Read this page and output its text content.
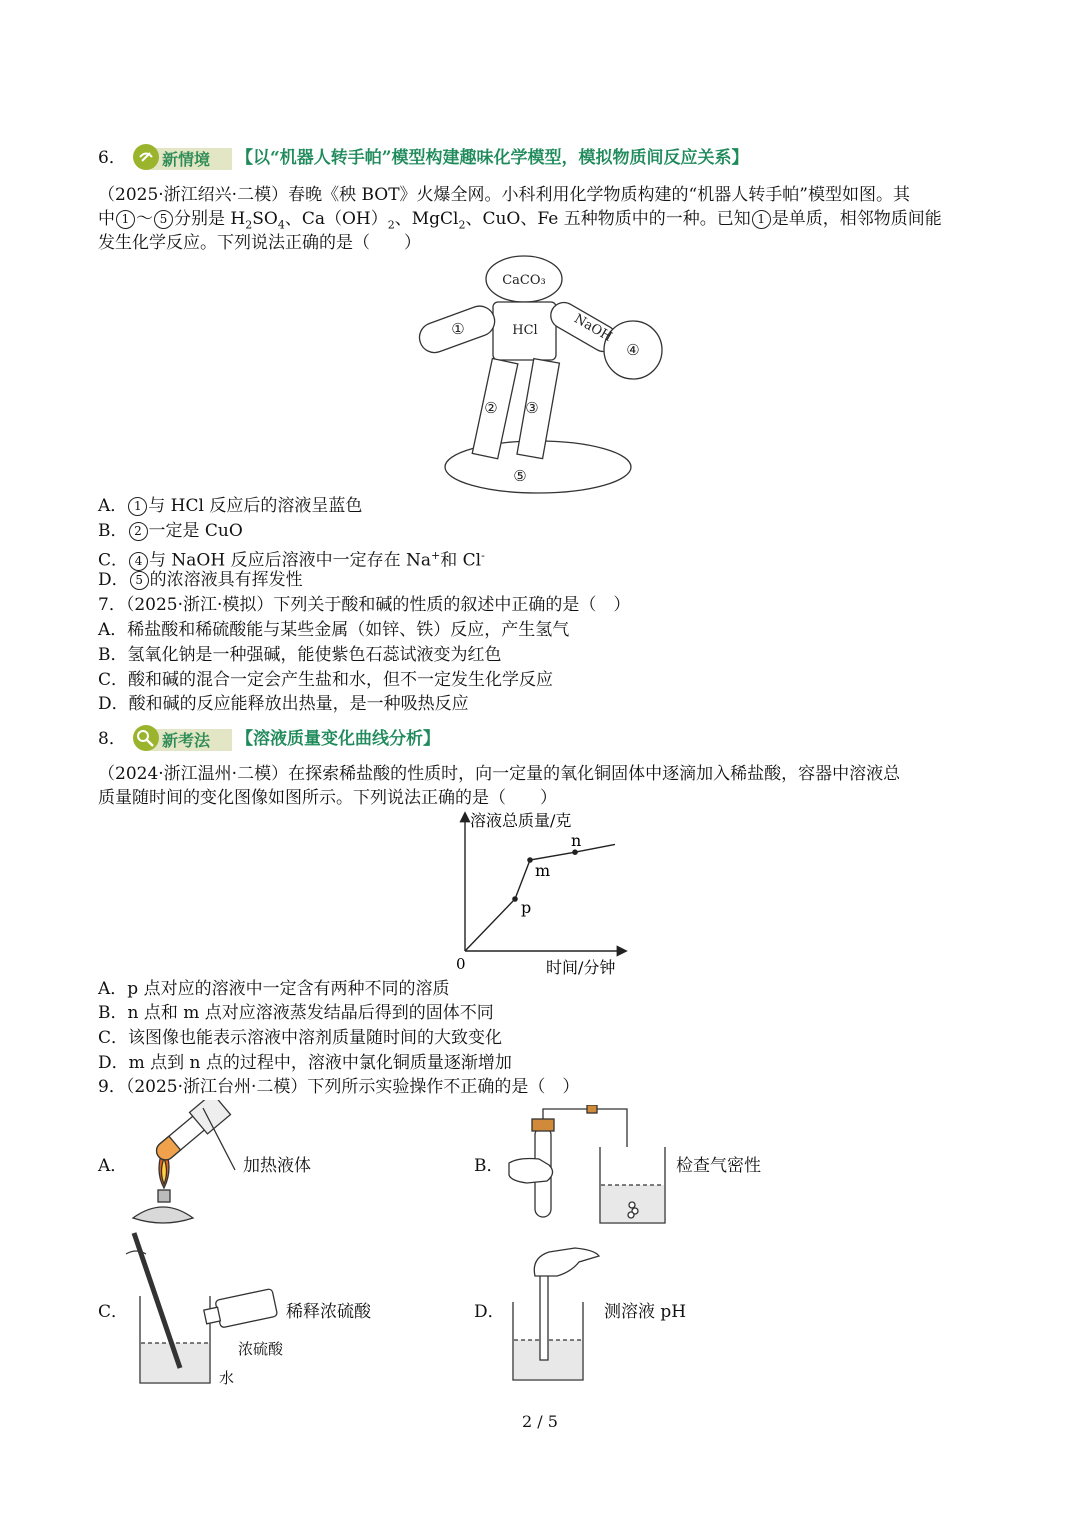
6． 新情境 【以“机器人转手帕”模型构建趣味化学模型，模拟物质间反应关系】
（2025·浙江绍兴·二模）春晚《秧 BOT》火爆全网。小科利用化学物质构建的“机器人转手帕”模型如图。其
中 1 ～ 5 分别是 $H_2SO_4$、$Ca(OH)_2$、MgCl$_2$、CuO、Fe 五种物质中的一种。已知 1 是单质，相邻物质间能
发生化学反应。下列说法正确的是（　　）
CaCO₃
HCl	NaOH
①
② ③
④
⑤
A． 1 与 HCl 反应后的溶液呈蓝色
B． 2 一定是 CuO
C． 4 与 NaOH 反应后溶液中一定存在 Na+和 Cl-
D． 5 的浓溶液具有挥发性
7．（2025·浙江·模拟）下列关于酸和碱的性质的叙述中正确的是（　）
A．稀盐酸和稀硫酸能与某些金属（如锌、铁）反应，产生氢气
B．氢氧化钠是一种强碱，能使紫色石蕊试液变为红色
C．酸和碱的混合一定会产生盐和水，但不一定发生化学反应
D．酸和碱的反应能释放出热量，是一种吸热反应
8． 新考法 【溶液质量变化曲线分析】
（2024·浙江温州·二模）在探索稀盐酸的性质时，向一定量的氧化铜固体中逐滴加入稀盐酸，容器中溶液总
质量随时间的变化图像如图所示。下列说法正确的是（　　）
溶液总质量/克
时间/分钟
0
p
m
n
A．p 点对应的溶液中一定含有两种不同的溶质
B．n 点和 m 点对应溶液蒸发结晶后得到的固体不同
C．该图像也能表示溶液中溶剂质量随时间的大致变化
D．m 点到 n 点的过程中，溶液中氯化铜质量逐渐增加
9．（2025·浙江台州·二模）下列所示实验操作不正确的是（　）
A．	加热液体	B．	检查气密性
C．	稀释浓硫酸
浓硫酸
水
D．	测溶液 pH
2 / 5
